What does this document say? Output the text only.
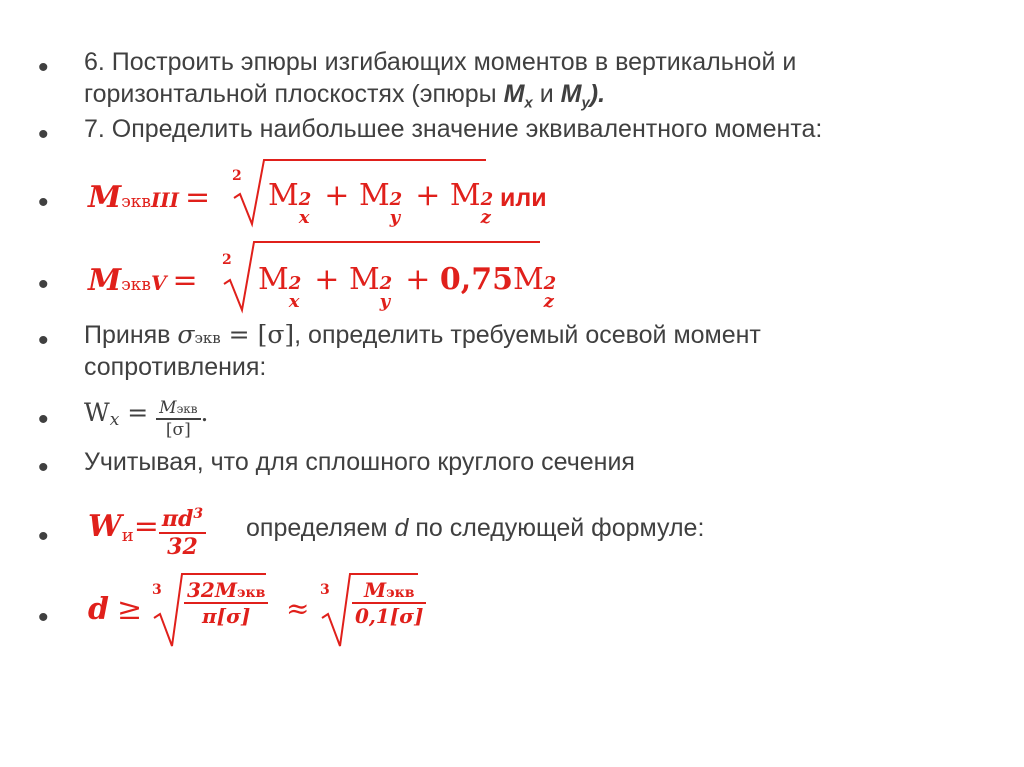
• 6. Построить эпюры изгибающих моментов в вертикальной и
горизонтальной плоскостях (эпюры $M_x$ и $M_y$).
• 7. Определить наибольшее значение эквивалентного момента:
• MэквIII =
2
M 2
x
+ M 2
y
+ M 2
z
или
• MэквV =
2
M 2
x
+ M 2
y
+ 0,75M 2
z
• Приняв σэкв = [σ], определить требуемый осевой момент
сопротивления:
• $Wx = \frac{\text{Mэкв}}{[\sigma]}$ .
• Учитывая, что для сплошного круглого сечения
• $Wи= \frac{\pi d^3}{32}$ определяем d по следующей формуле:
• d ≥
$3 \frac{\text{32Mэкв}}{\pi[\sigma]}$ ≈
$3 \frac{\text{Mэкв}}{0,1[\sigma]}$
